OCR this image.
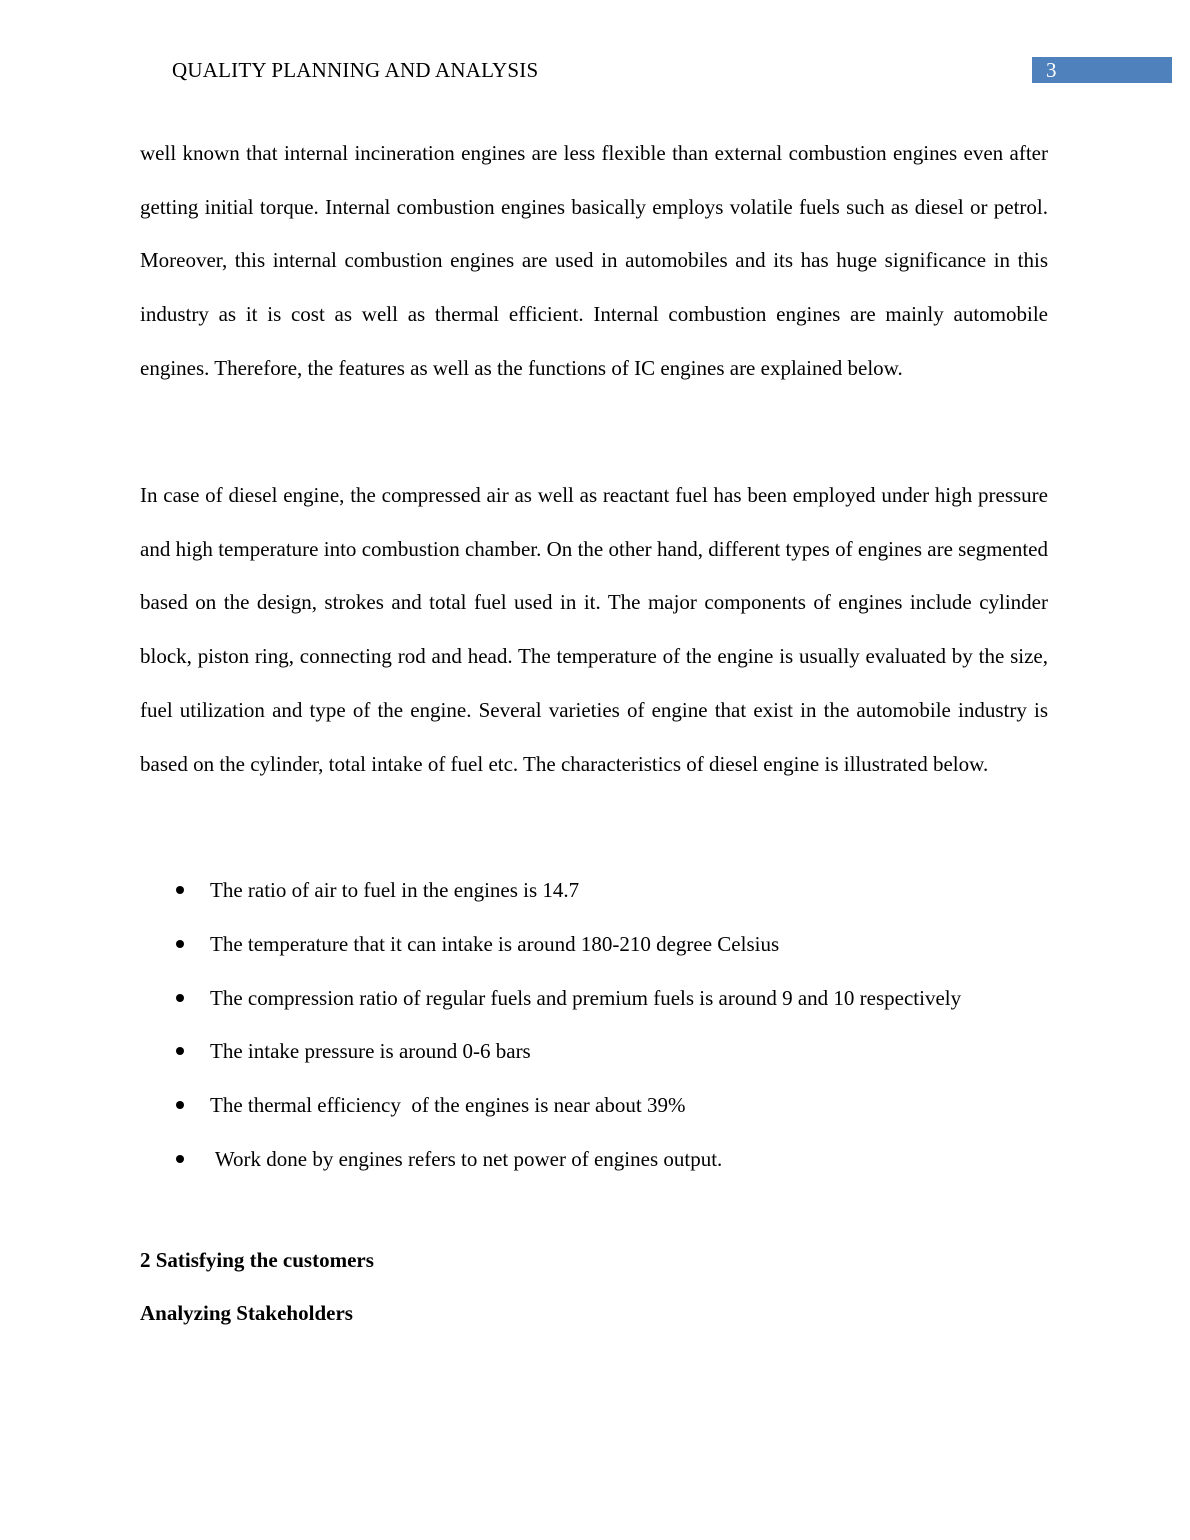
QUALITY PLANNING AND ANALYSIS	3

well known that internal incineration engines are less flexible than external combustion engines even after getting initial torque. Internal combustion engines basically employs volatile fuels such as diesel or petrol. Moreover, this internal combustion engines are used in automobiles and its has huge significance in this industry as it is cost as well as thermal efficient. Internal combustion engines are mainly automobile engines. Therefore, the features as well as the functions of IC engines are explained below.

In case of diesel engine, the compressed air as well as reactant fuel has been employed under high pressure and high temperature into combustion chamber. On the other hand, different types of engines are segmented based on the design, strokes and total fuel used in it. The major components of engines include cylinder block, piston ring, connecting rod and head. The temperature of the engine is usually evaluated by the size, fuel utilization and type of the engine. Several varieties of engine that exist in the automobile industry is based on the cylinder, total intake of fuel etc. The characteristics of diesel engine is illustrated below.

The ratio of air to fuel in the engines is 14.7
The temperature that it can intake is around 180-210 degree Celsius
The compression ratio of regular fuels and premium fuels is around 9 and 10 respectively
The intake pressure is around 0-6 bars
The thermal efficiency  of the engines is near about 39%
Work done by engines refers to net power of engines output.
2 Satisfying the customers
Analyzing Stakeholders
